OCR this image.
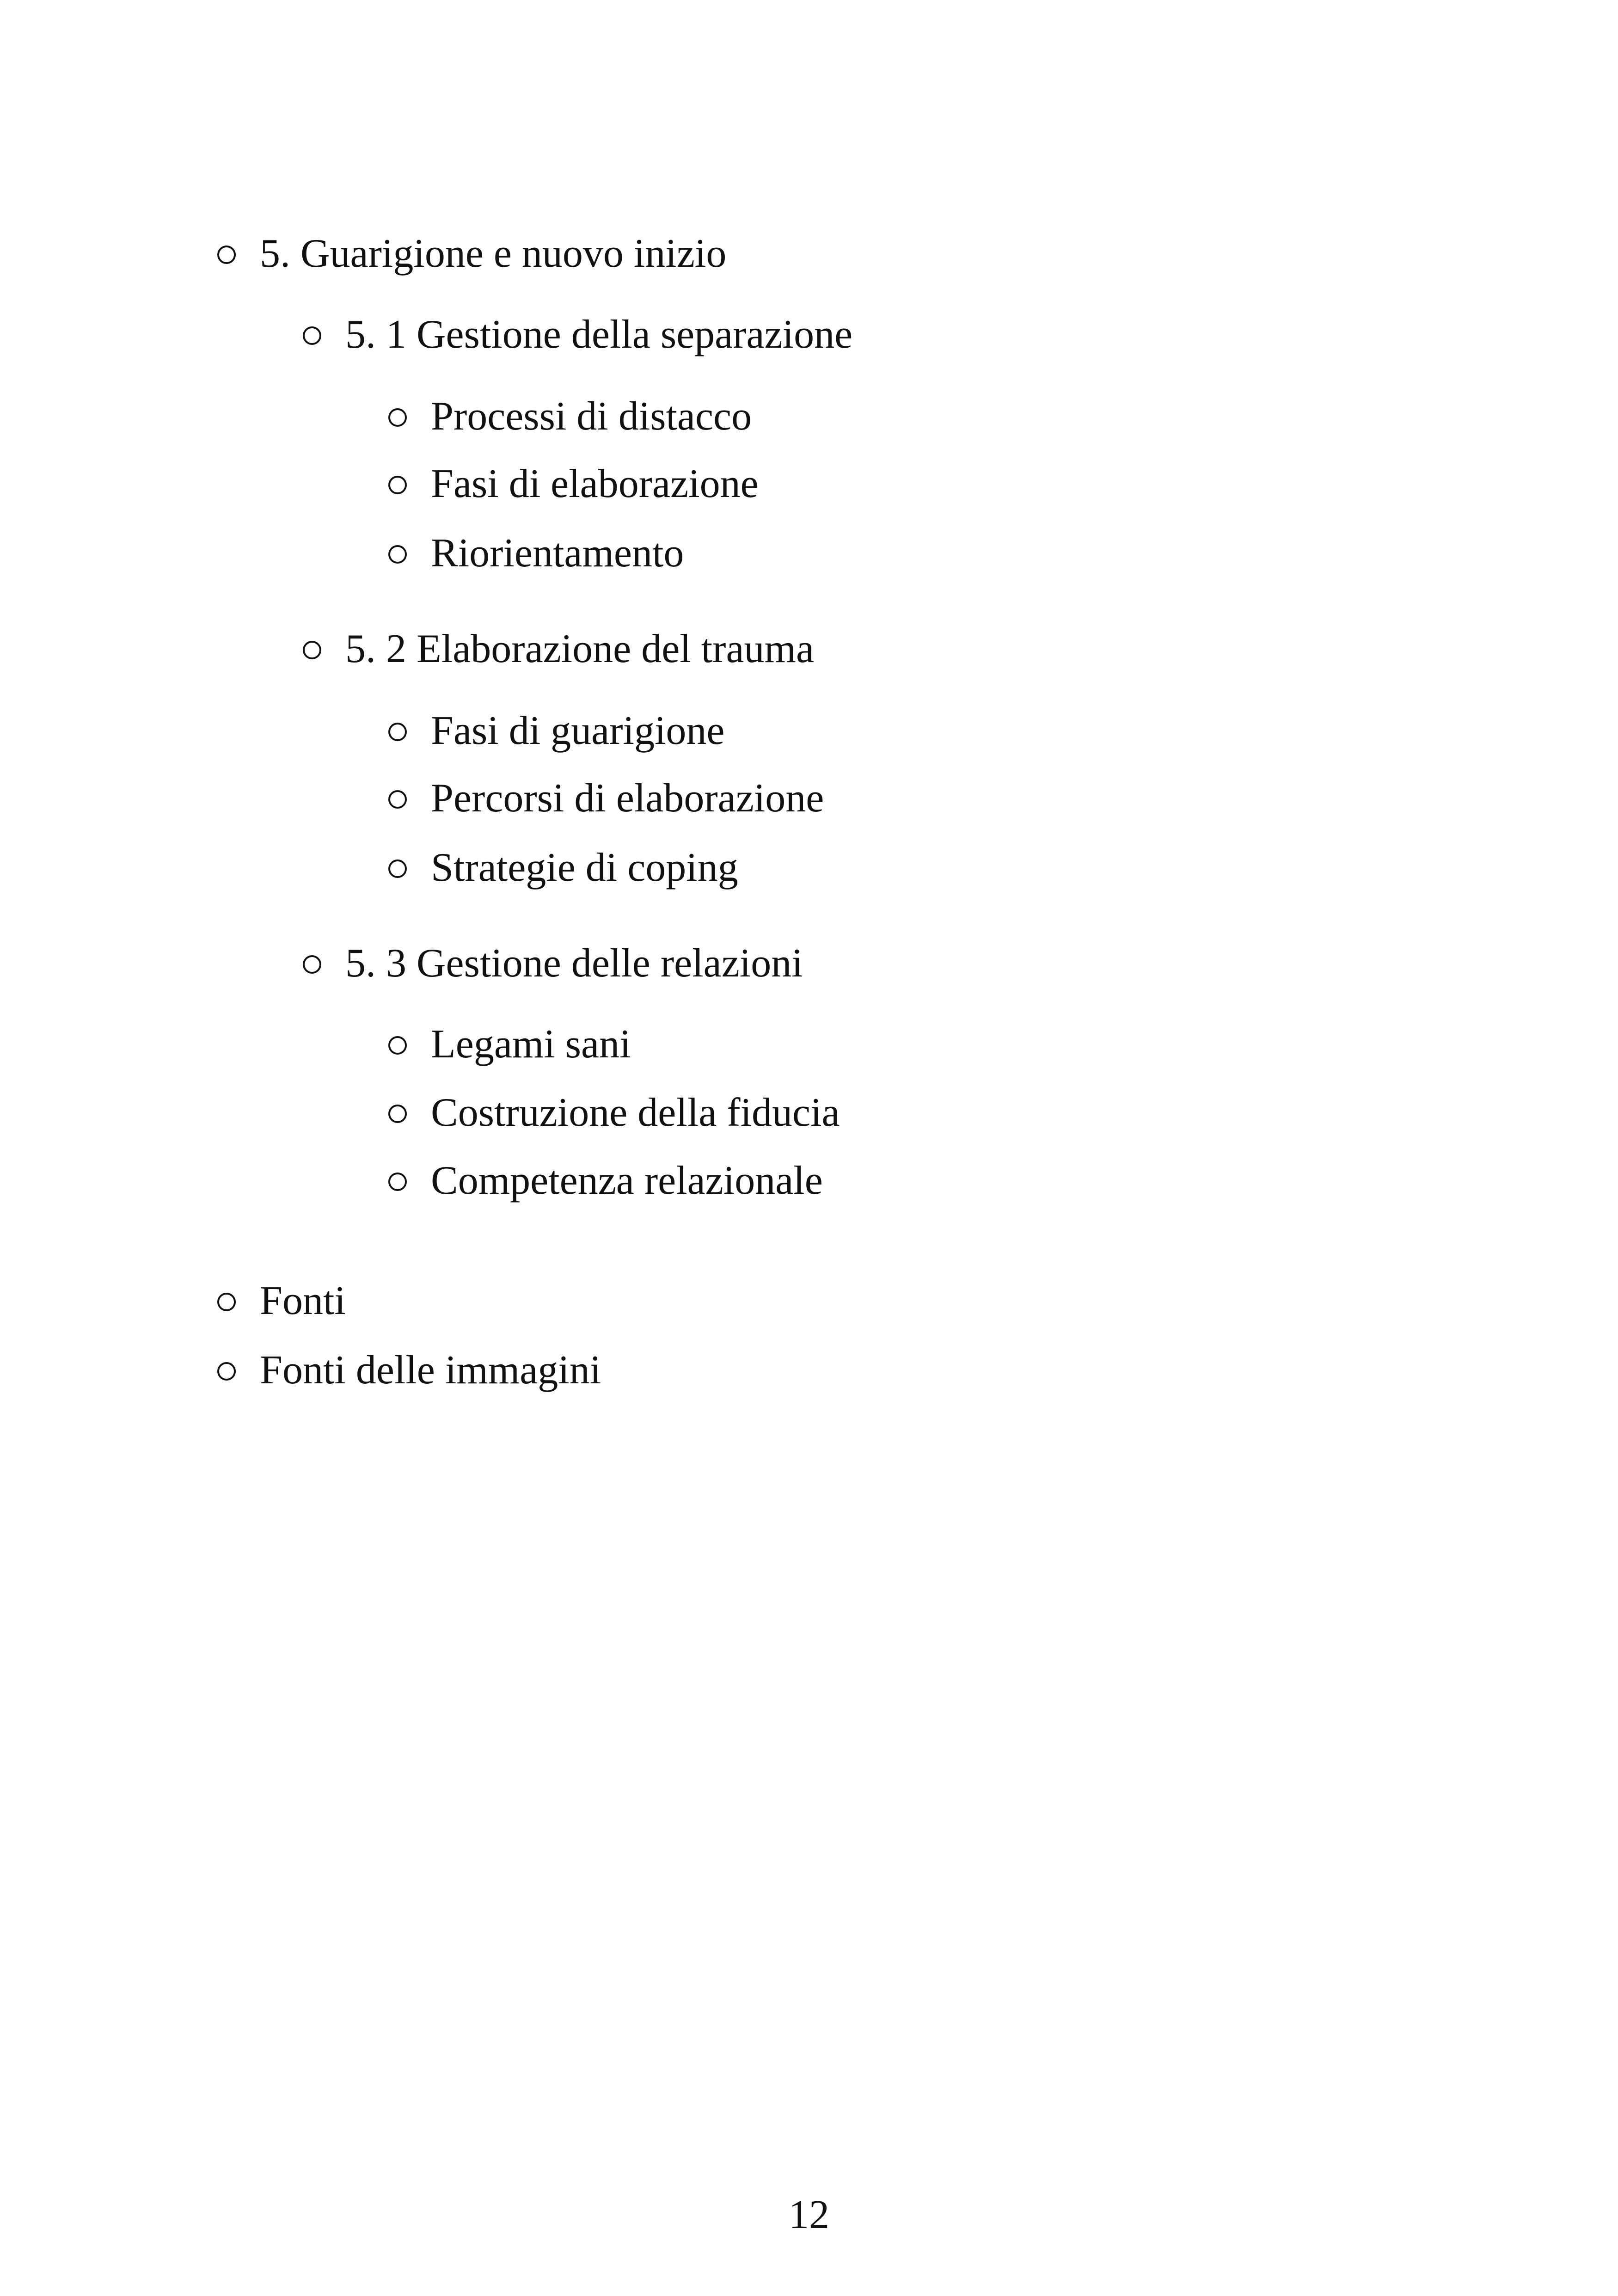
5. Guarigione e nuovo inizio
5. 1 Gestione della separazione
Processi di distacco
Fasi di elaborazione
Riorientamento
5. 2 Elaborazione del trauma
Fasi di guarigione
Percorsi di elaborazione
Strategie di coping
5. 3 Gestione delle relazioni
Legami sani
Costruzione della fiducia
Competenza relazionale
Fonti
Fonti delle immagini
12
